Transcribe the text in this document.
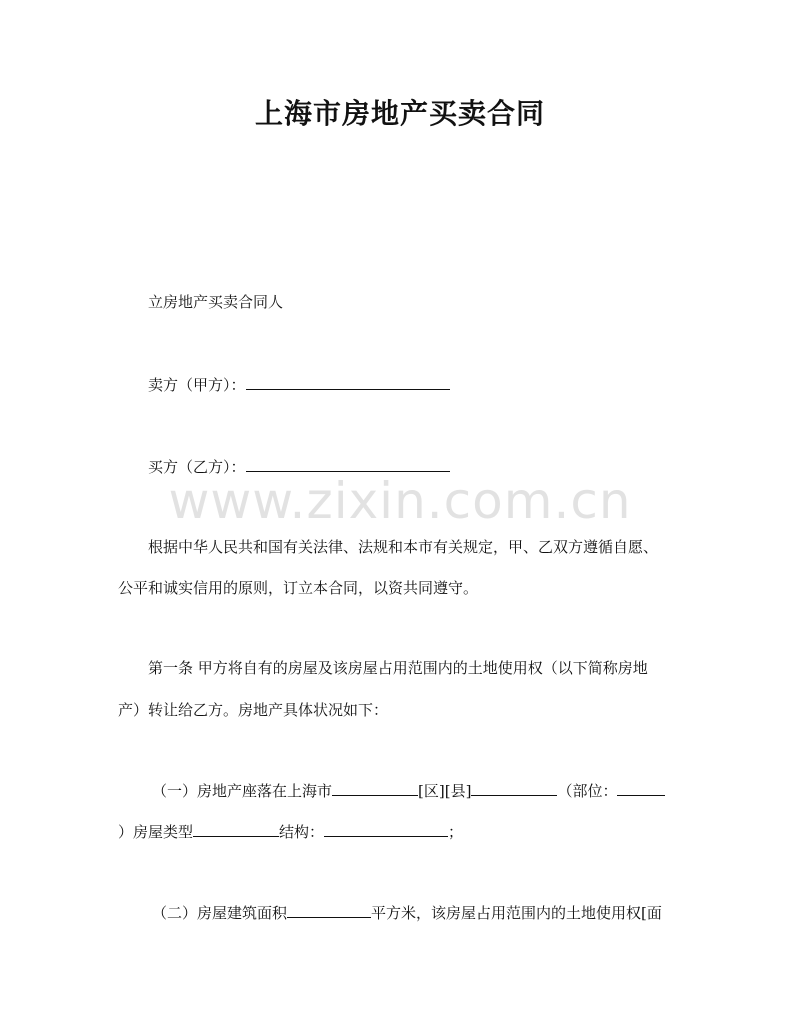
上海市房地产买卖合同
立房地产买卖合同人
卖方（甲方）：
买方（乙方）：
www.zixin.com.cn
根据中华人民共和国有关法律、法规和本市有关规定，甲、乙双方遵循自愿、
公平和诚实信用的原则，订立本合同，以资共同遵守。
第一条 甲方将自有的房屋及该房屋占用范围内的土地使用权（以下简称房地
产）转让给乙方。房地产具体状况如下：
（一）房地产座落在上海市	[区][县]	（部位：
）房屋类型	结构：	；
（二）房屋建筑面积	平方米，该房屋占用范围内的土地使用权[面
